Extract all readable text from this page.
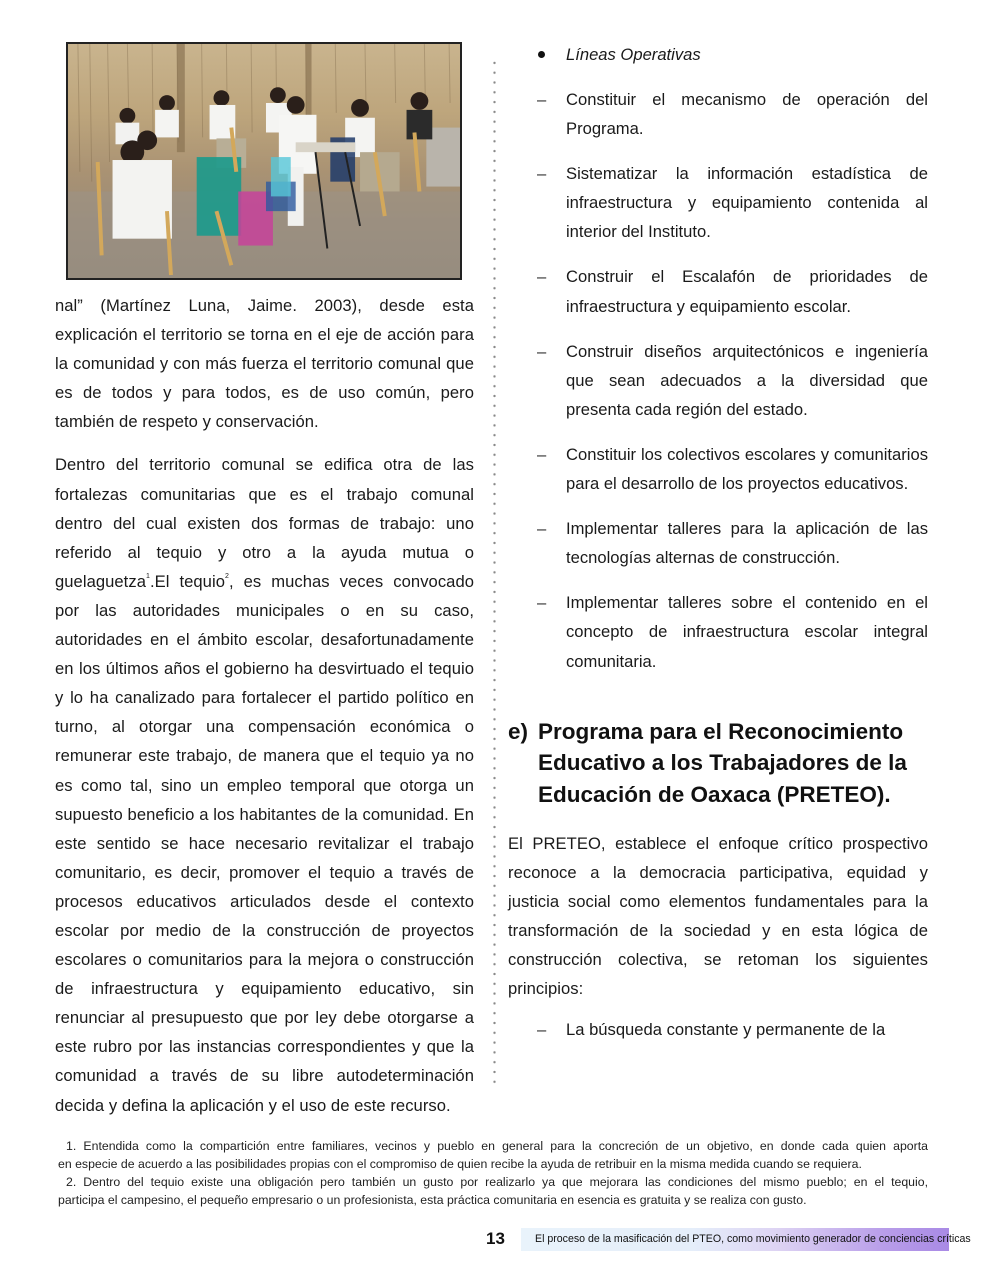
nal” (Martínez Luna, Jaime. 2003), desde esta explicación el territorio se torna en el eje de acción para la comunidad y con más fuerza el territorio comunal que es de todos y para todos, es de uso común, pero también de respeto y conservación.

Dentro del territorio comunal se edifica otra de las fortalezas comunitarias que es el trabajo comunal dentro del cual existen dos formas de trabajo: uno referido al tequio y otro a la ayuda mutua o guelaguetza$^1$.El tequio$^2$, es muchas veces convocado por las autoridades municipales o en su caso, autoridades en el ámbito escolar, desafortunadamente en los últimos años el gobierno ha desvirtuado el tequio y lo ha canalizado para fortalecer el partido político en turno, al otorgar una compensación económica o remunerar este trabajo, de manera que el tequio ya no es como tal, sino un empleo temporal que otorga un supuesto beneficio a los habitantes de la comunidad. En este sentido se hace necesario revitalizar el trabajo comunitario, es decir, promover el tequio a través de procesos educativos articulados desde el contexto escolar por medio de la construcción de proyectos escolares o comunitarios para la mejora o construcción de infraestructura y equipamiento educativo, sin renunciar al presupuesto que por ley debe otorgarse a este rubro por las instancias correspondientes y que la comunidad a través de su libre autodeterminación decida y defina la aplicación y el uso de este recurso.

Líneas Operativas
– Constituir el mecanismo de operación del Programa.
– Sistematizar la información estadística de infraestructura y equipamiento contenida al interior del Instituto.
– Construir el Escalafón de prioridades de infraestructura y equipamiento escolar.
– Construir diseños arquitectónicos e ingeniería que sean adecuados a la diversidad que presenta cada región del estado.
– Constituir los colectivos escolares y comunitarios para el desarrollo de los proyectos educativos.
– Implementar talleres para la aplicación de las tecnologías alternas de construcción.
– Implementar talleres sobre el contenido en el concepto de infraestructura escolar integral comunitaria.
e) Programa para el Reconocimiento Educativo a los Trabajadores de la Educación de Oaxaca (PRETEO).

El PRETEO, establece el enfoque crítico prospectivo reconoce a la democracia participativa, equidad y justicia social como elementos fundamentales para la transformación de la sociedad y en esta lógica de construcción colectiva, se retoman los siguientes principios:

– La búsqueda constante y permanente de la
1. Entendida como la compartición entre familiares, vecinos y pueblo en general para la concreción de un objetivo, en donde cada quien aporta
en especie de acuerdo a las posibilidades propias con el compromiso de quien recibe la ayuda de retribuir en la misma medida cuando se requiera.
2. Dentro del tequio existe una obligación pero también un gusto por realizarlo ya que mejorara las condiciones del mismo pueblo; en el tequio,
participa el campesino, el pequeño empresario o un profesionista, esta práctica comunitaria en esencia es gratuita y se realiza con gusto.
13	El proceso de la masificación del PTEO, como movimiento generador de conciencias críticas
